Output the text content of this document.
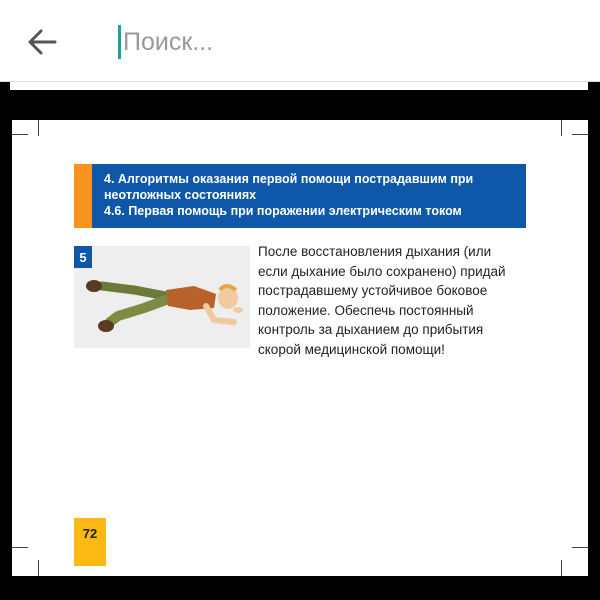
Поиск...
4. Алгоритмы оказания первой помощи пострадавшим при
неотложных состояниях
4.6. Первая помощь при поражении электрическим током
5	После восстановления дыхания (или
если дыхание было сохранено) придай
пострадавшему устойчивое боковое
положение. Обеспечь постоянный
контроль за дыханием до прибытия
скорой медицинской помощи!
72
